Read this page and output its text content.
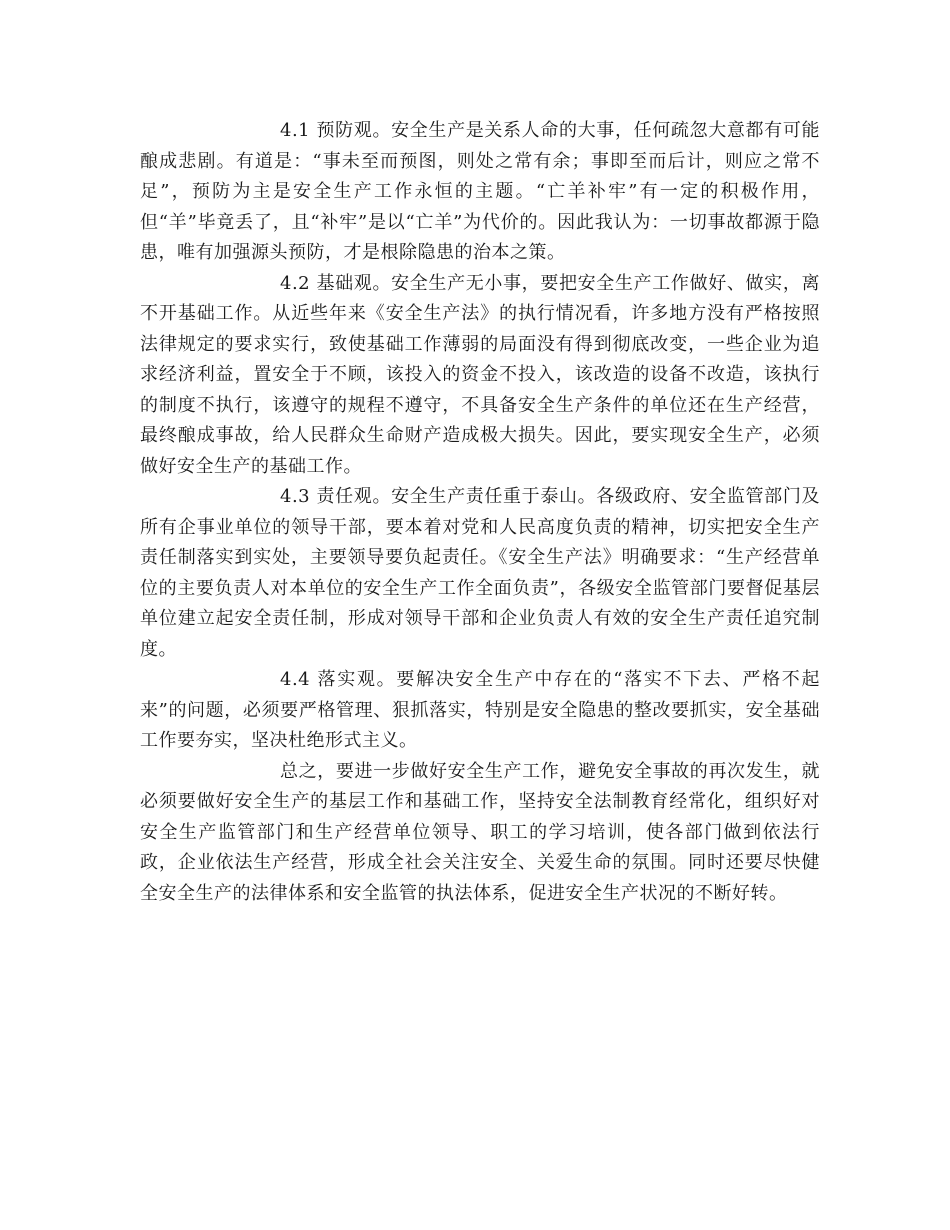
4.1 预防观。安全生产是关系人命的大事，任何疏忽大意都有可能酿成悲剧。有道是：“事未至而预图，则处之常有余；事即至而后计，则应之常不足”，预防为主是安全生产工作永恒的主题。“亡羊补牢”有一定的积极作用，但“羊”毕竟丢了，且“补牢”是以“亡羊”为代价的。因此我认为：一切事故都源于隐患，唯有加强源头预防，才是根除隐患的治本之策。

4.2 基础观。安全生产无小事，要把安全生产工作做好、做实，离不开基础工作。从近些年来《安全生产法》的执行情况看，许多地方没有严格按照法律规定的要求实行，致使基础工作薄弱的局面没有得到彻底改变，一些企业为追求经济利益，置安全于不顾，该投入的资金不投入，该改造的设备不改造，该执行的制度不执行，该遵守的规程不遵守，不具备安全生产条件的单位还在生产经营，最终酿成事故，给人民群众生命财产造成极大损失。因此，要实现安全生产，必须做好安全生产的基础工作。

4.3 责任观。安全生产责任重于泰山。各级政府、安全监管部门及所有企事业单位的领导干部，要本着对党和人民高度负责的精神，切实把安全生产责任制落实到实处，主要领导要负起责任。《安全生产法》明确要求：“生产经营单位的主要负责人对本单位的安全生产工作全面负责”，各级安全监管部门要督促基层单位建立起安全责任制，形成对领导干部和企业负责人有效的安全生产责任追究制度。

4.4 落实观。要解决安全生产中存在的“落实不下去、严格不起来”的问题，必须要严格管理、狠抓落实，特别是安全隐患的整改要抓实，安全基础工作要夯实，坚决杜绝形式主义。

总之，要进一步做好安全生产工作，避免安全事故的再次发生，就必须要做好安全生产的基层工作和基础工作，坚持安全法制教育经常化，组织好对安全生产监管部门和生产经营单位领导、职工的学习培训，使各部门做到依法行政，企业依法生产经营，形成全社会关注安全、关爱生命的氛围。同时还要尽快健全安全生产的法律体系和安全监管的执法体系，促进安全生产状况的不断好转。
